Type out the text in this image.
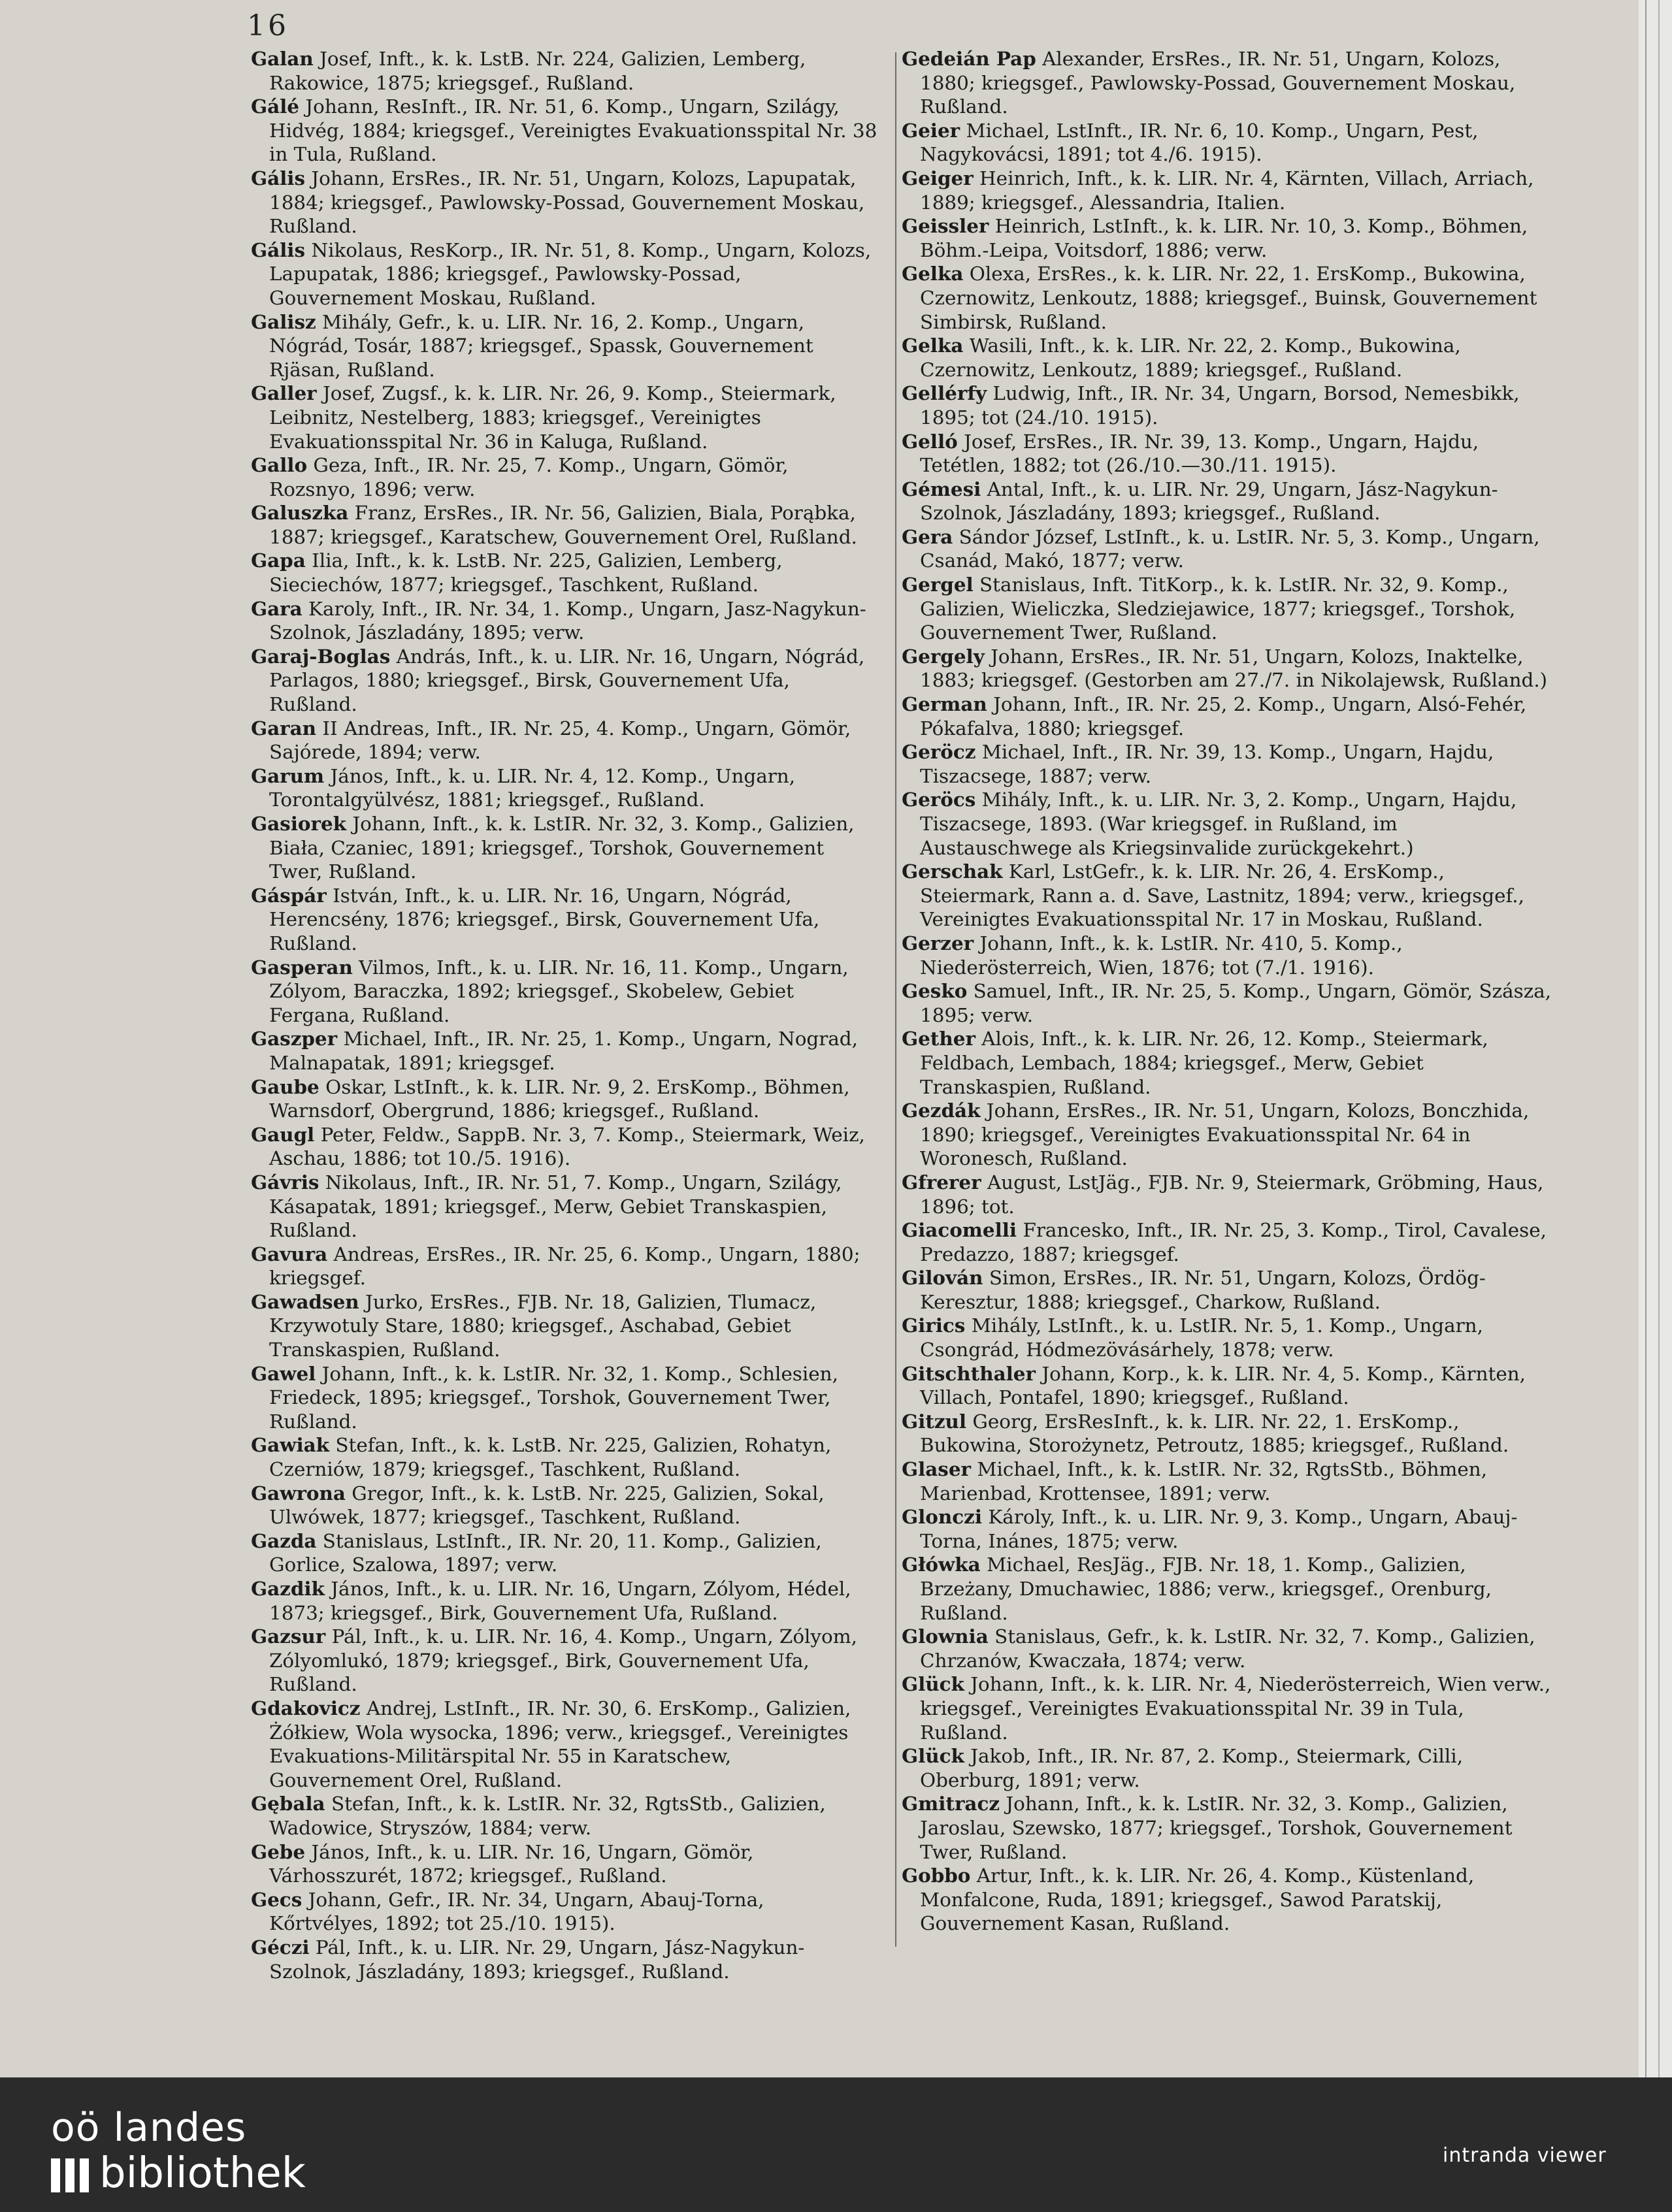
16

Galan Josef, Inft., k. k. LstB. Nr. 224, Galizien, Lemberg, Rakowice, 1875; kriegsgef., Rußland.

Gálé Johann, ResInft., IR. Nr. 51, 6. Komp., Ungarn, Szilágy, Hidvég, 1884; kriegsgef., Vereinigtes Evakuationsspital Nr. 38 in Tula, Rußland.

Gális Johann, ErsRes., IR. Nr. 51, Ungarn, Kolozs, Lapupatak, 1884; kriegsgef., Pawlowsky-Possad, Gouvernement Moskau, Rußland.

Gális Nikolaus, ResKorp., IR. Nr. 51, 8. Komp., Ungarn, Kolozs, Lapupatak, 1886; kriegsgef., Pawlowsky-Possad, Gouvernement Moskau, Rußland.

Galisz Mihály, Gefr., k. u. LIR. Nr. 16, 2. Komp., Ungarn, Nógrád, Tosár, 1887; kriegsgef., Spassk, Gouvernement Rjäsan, Rußland.

Galler Josef, Zugsf., k. k. LIR. Nr. 26, 9. Komp., Steiermark, Leibnitz, Nestelberg, 1883; kriegsgef., Vereinigtes Evakuationsspital Nr. 36 in Kaluga, Rußland.

Gallo Geza, Inft., IR. Nr. 25, 7. Komp., Ungarn, Gömör, Rozsnyo, 1896; verw.

Galuszka Franz, ErsRes., IR. Nr. 56, Galizien, Biala, Porąbka, 1887; kriegsgef., Karatschew, Gouvernement Orel, Rußland.

Gapa Ilia, Inft., k. k. LstB. Nr. 225, Galizien, Lemberg, Sieciechów, 1877; kriegsgef., Taschkent, Rußland.

Gara Karoly, Inft., IR. Nr. 34, 1. Komp., Ungarn, Jasz-Nagykun-Szolnok, Jászladány, 1895; verw.

Garaj-Boglas András, Inft., k. u. LIR. Nr. 16, Ungarn, Nógrád, Parlagos, 1880; kriegsgef., Birsk, Gouvernement Ufa, Rußland.

Garan II Andreas, Inft., IR. Nr. 25, 4. Komp., Ungarn, Gömör, Sajórede, 1894; verw.

Garum János, Inft., k. u. LIR. Nr. 4, 12. Komp., Ungarn, Torontalgyülvész, 1881; kriegsgef., Rußland.

Gasiorek Johann, Inft., k. k. LstIR. Nr. 32, 3. Komp., Galizien, Biała, Czaniec, 1891; kriegsgef., Torshok, Gouvernement Twer, Rußland.

Gáspár István, Inft., k. u. LIR. Nr. 16, Ungarn, Nógrád, Herencsény, 1876; kriegsgef., Birsk, Gouvernement Ufa, Rußland.

Gasperan Vilmos, Inft., k. u. LIR. Nr. 16, 11. Komp., Ungarn, Zólyom, Baraczka, 1892; kriegsgef., Skobelew, Gebiet Fergana, Rußland.

Gaszper Michael, Inft., IR. Nr. 25, 1. Komp., Ungarn, Nograd, Malnapatak, 1891; kriegsgef.

Gaube Oskar, LstInft., k. k. LIR. Nr. 9, 2. ErsKomp., Böhmen, Warnsdorf, Obergrund, 1886; kriegsgef., Rußland.

Gaugl Peter, Feldw., SappB. Nr. 3, 7. Komp., Steiermark, Weiz, Aschau, 1886; tot 10./5. 1916).

Gávris Nikolaus, Inft., IR. Nr. 51, 7. Komp., Ungarn, Szilágy, Kásapatak, 1891; kriegsgef., Merw, Gebiet Transkaspien, Rußland.

Gavura Andreas, ErsRes., IR. Nr. 25, 6. Komp., Ungarn, 1880; kriegsgef.

Gawadsen Jurko, ErsRes., FJB. Nr. 18, Galizien, Tlumacz, Krzywotuly Stare, 1880; kriegsgef., Aschabad, Gebiet Transkaspien, Rußland.

Gawel Johann, Inft., k. k. LstIR. Nr. 32, 1. Komp., Schlesien, Friedeck, 1895; kriegsgef., Torshok, Gouvernement Twer, Rußland.

Gawiak Stefan, Inft., k. k. LstB. Nr. 225, Galizien, Rohatyn, Czerniów, 1879; kriegsgef., Taschkent, Rußland.

Gawrona Gregor, Inft., k. k. LstB. Nr. 225, Galizien, Sokal, Ulwówek, 1877; kriegsgef., Taschkent, Rußland.

Gazda Stanislaus, LstInft., IR. Nr. 20, 11. Komp., Galizien, Gorlice, Szalowa, 1897; verw.

Gazdik János, Inft., k. u. LIR. Nr. 16, Ungarn, Zólyom, Hédel, 1873; kriegsgef., Birk, Gouvernement Ufa, Rußland.

Gazsur Pál, Inft., k. u. LIR. Nr. 16, 4. Komp., Ungarn, Zólyom, Zólyomlukó, 1879; kriegsgef., Birk, Gouvernement Ufa, Rußland.

Gdakovicz Andrej, LstInft., IR. Nr. 30, 6. ErsKomp., Galizien, Żółkiew, Wola wysocka, 1896; verw., kriegsgef., Vereinigtes Evakuations-Militärspital Nr. 55 in Karatschew, Gouvernement Orel, Rußland.

Gębala Stefan, Inft., k. k. LstIR. Nr. 32, RgtsStb., Galizien, Wadowice, Stryszów, 1884; verw.

Gebe János, Inft., k. u. LIR. Nr. 16, Ungarn, Gömör, Várhosszurét, 1872; kriegsgef., Rußland.

Gecs Johann, Gefr., IR. Nr. 34, Ungarn, Abauj-Torna, Kőrtvélyes, 1892; tot 25./10. 1915).

Géczi Pál, Inft., k. u. LIR. Nr. 29, Ungarn, Jász-Nagykun-Szolnok, Jászladány, 1893; kriegsgef., Rußland.

Gedeián Pap Alexander, ErsRes., IR. Nr. 51, Ungarn, Kolozs, 1880; kriegsgef., Pawlowsky-Possad, Gouvernement Moskau, Rußland.

Geier Michael, LstInft., IR. Nr. 6, 10. Komp., Ungarn, Pest, Nagykovácsi, 1891; tot 4./6. 1915).

Geiger Heinrich, Inft., k. k. LIR. Nr. 4, Kärnten, Villach, Arriach, 1889; kriegsgef., Alessandria, Italien.

Geissler Heinrich, LstInft., k. k. LIR. Nr. 10, 3. Komp., Böhmen, Böhm.-Leipa, Voitsdorf, 1886; verw.

Gelka Olexa, ErsRes., k. k. LIR. Nr. 22, 1. ErsKomp., Bukowina, Czernowitz, Lenkoutz, 1888; kriegsgef., Buinsk, Gouvernement Simbirsk, Rußland.

Gelka Wasili, Inft., k. k. LIR. Nr. 22, 2. Komp., Bukowina, Czernowitz, Lenkoutz, 1889; kriegsgef., Rußland.

Gellérfy Ludwig, Inft., IR. Nr. 34, Ungarn, Borsod, Nemesbikk, 1895; tot (24./10. 1915).

Gelló Josef, ErsRes., IR. Nr. 39, 13. Komp., Ungarn, Hajdu, Tetétlen, 1882; tot (26./10.—30./11. 1915).

Gémesi Antal, Inft., k. u. LIR. Nr. 29, Ungarn, Jász-Nagykun-Szolnok, Jászladány, 1893; kriegsgef., Rußland.

Gera Sándor József, LstInft., k. u. LstIR. Nr. 5, 3. Komp., Ungarn, Csanád, Makó, 1877; verw.

Gergel Stanislaus, Inft. TitKorp., k. k. LstIR. Nr. 32, 9. Komp., Galizien, Wieliczka, Sledziejawice, 1877; kriegsgef., Torshok, Gouvernement Twer, Rußland.

Gergely Johann, ErsRes., IR. Nr. 51, Ungarn, Kolozs, Inaktelke, 1883; kriegsgef. (Gestorben am 27./7. in Nikolajewsk, Rußland.)

German Johann, Inft., IR. Nr. 25, 2. Komp., Ungarn, Alsó-Fehér, Pókafalva, 1880; kriegsgef.

Geröcz Michael, Inft., IR. Nr. 39, 13. Komp., Ungarn, Hajdu, Tiszacsege, 1887; verw.

Geröcs Mihály, Inft., k. u. LIR. Nr. 3, 2. Komp., Ungarn, Hajdu, Tiszacsege, 1893. (War kriegsgef. in Rußland, im Austauschwege als Kriegsinvalide zurückgekehrt.)

Gerschak Karl, LstGefr., k. k. LIR. Nr. 26, 4. ErsKomp., Steiermark, Rann a. d. Save, Lastnitz, 1894; verw., kriegsgef., Vereinigtes Evakuationsspital Nr. 17 in Moskau, Rußland.

Gerzer Johann, Inft., k. k. LstIR. Nr. 410, 5. Komp., Niederösterreich, Wien, 1876; tot (7./1. 1916).

Gesko Samuel, Inft., IR. Nr. 25, 5. Komp., Ungarn, Gömör, Szásza, 1895; verw.

Gether Alois, Inft., k. k. LIR. Nr. 26, 12. Komp., Steiermark, Feldbach, Lembach, 1884; kriegsgef., Merw, Gebiet Transkaspien, Rußland.

Gezdák Johann, ErsRes., IR. Nr. 51, Ungarn, Kolozs, Bonczhida, 1890; kriegsgef., Vereinigtes Evakuationsspital Nr. 64 in Woronesch, Rußland.

Gfrerer August, LstJäg., FJB. Nr. 9, Steiermark, Gröbming, Haus, 1896; tot.

Giacomelli Francesko, Inft., IR. Nr. 25, 3. Komp., Tirol, Cavalese, Predazzo, 1887; kriegsgef.

Gilován Simon, ErsRes., IR. Nr. 51, Ungarn, Kolozs, Ördög-Keresztur, 1888; kriegsgef., Charkow, Rußland.

Girics Mihály, LstInft., k. u. LstIR. Nr. 5, 1. Komp., Ungarn, Csongrád, Hódmezövásárhely, 1878; verw.

Gitschthaler Johann, Korp., k. k. LIR. Nr. 4, 5. Komp., Kärnten, Villach, Pontafel, 1890; kriegsgef., Rußland.

Gitzul Georg, ErsResInft., k. k. LIR. Nr. 22, 1. ErsKomp., Bukowina, Storożynetz, Petroutz, 1885; kriegsgef., Rußland.

Glaser Michael, Inft., k. k. LstIR. Nr. 32, RgtsStb., Böhmen, Marienbad, Krottensee, 1891; verw.

Glonczi Károly, Inft., k. u. LIR. Nr. 9, 3. Komp., Ungarn, Abauj-Torna, Inánes, 1875; verw.

Główka Michael, ResJäg., FJB. Nr. 18, 1. Komp., Galizien, Brzeżany, Dmuchawiec, 1886; verw., kriegsgef., Orenburg, Rußland.

Glownia Stanislaus, Gefr., k. k. LstIR. Nr. 32, 7. Komp., Galizien, Chrzanów, Kwaczała, 1874; verw.

Glück Johann, Inft., k. k. LIR. Nr. 4, Niederösterreich, Wien verw., kriegsgef., Vereinigtes Evakuationsspital Nr. 39 in Tula, Rußland.

Glück Jakob, Inft., IR. Nr. 87, 2. Komp., Steiermark, Cilli, Oberburg, 1891; verw.

Gmitracz Johann, Inft., k. k. LstIR. Nr. 32, 3. Komp., Galizien, Jaroslau, Szewsko, 1877; kriegsgef., Torshok, Gouvernement Twer, Rußland.

Gobbo Artur, Inft., k. k. LIR. Nr. 26, 4. Komp., Küstenland, Monfalcone, Ruda, 1891; kriegsgef., Sawod Paratskij, Gouvernement Kasan, Rußland.

oö landes
bibliothek	intranda viewer
